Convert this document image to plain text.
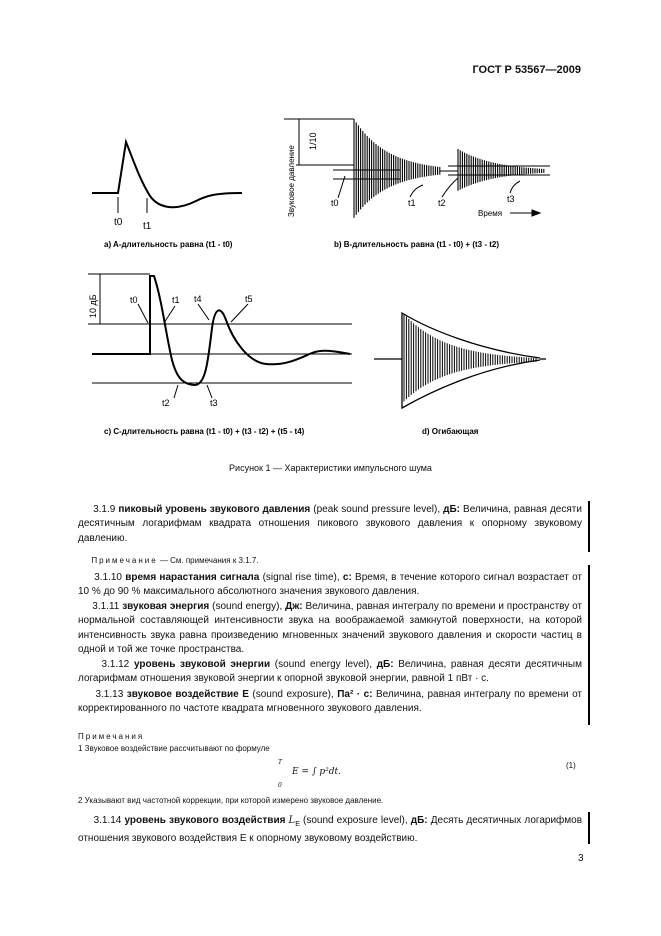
ГОСТ Р 53567—2009
t0 t1
1/10
Звуковое давление	t0	t1 t2	t3
Время
10 дБ	t0	t1 t4	t5
t2	t3
a) A-длительность равна (t1 - t0)	b) B-длительность равна (t1 - t0) + (t3 - t2)
c) C-длительность равна (t1 - t0) + (t3 - t2) + (t5 - t4)	d) Огибающая
Рисунок 1 — Характеристики импульсного шума
3.1.9 пиковый уровень звукового давления (peak sound pressure level), дБ: Величина, равная десяти десятичным логарифмам квадрата отношения пикового звукового давления к опорному звуковому давлению.
Примечание — См. примечания к 3.1.7.
3.1.10 время нарастания сигнала (signal rise time), с: Время, в течение которого сигнал возрастает от 10 % до 90 % максимального абсолютного значения звукового давления.
3.1.11 звуковая энергия (sound energy), Дж: Величина, равная интегралу по времени и пространству от нормальной составляющей интенсивности звука на воображаемой замкнутой поверхности, на которой интенсивность звука равна произведению мгновенных значений звукового давления и скорости частиц в одной и той же точке пространства.
3.1.12 уровень звуковой энергии (sound energy level), дБ: Величина, равная десяти десятичным логарифмам отношения звуковой энергии к опорной звуковой энергии, равной 1 пВт · с.
3.1.13 звуковое воздействие E (sound exposure), Па² · с: Величина, равная интегралу по времени от корректированного по частоте квадрата мгновенного звукового давления.
Примечания
1 Звуковое воздействие рассчитывают по формуле
T
E = ∫ p²dt.
0
(1)
2 Указывают вид частотной коррекции, при которой измерено звуковое давление.
3.1.14 уровень звукового воздействия $L_E$ (sound exposure level), дБ: Десять десятичных логарифмов отношения звукового воздействия E к опорному звуковому воздействию.
3
